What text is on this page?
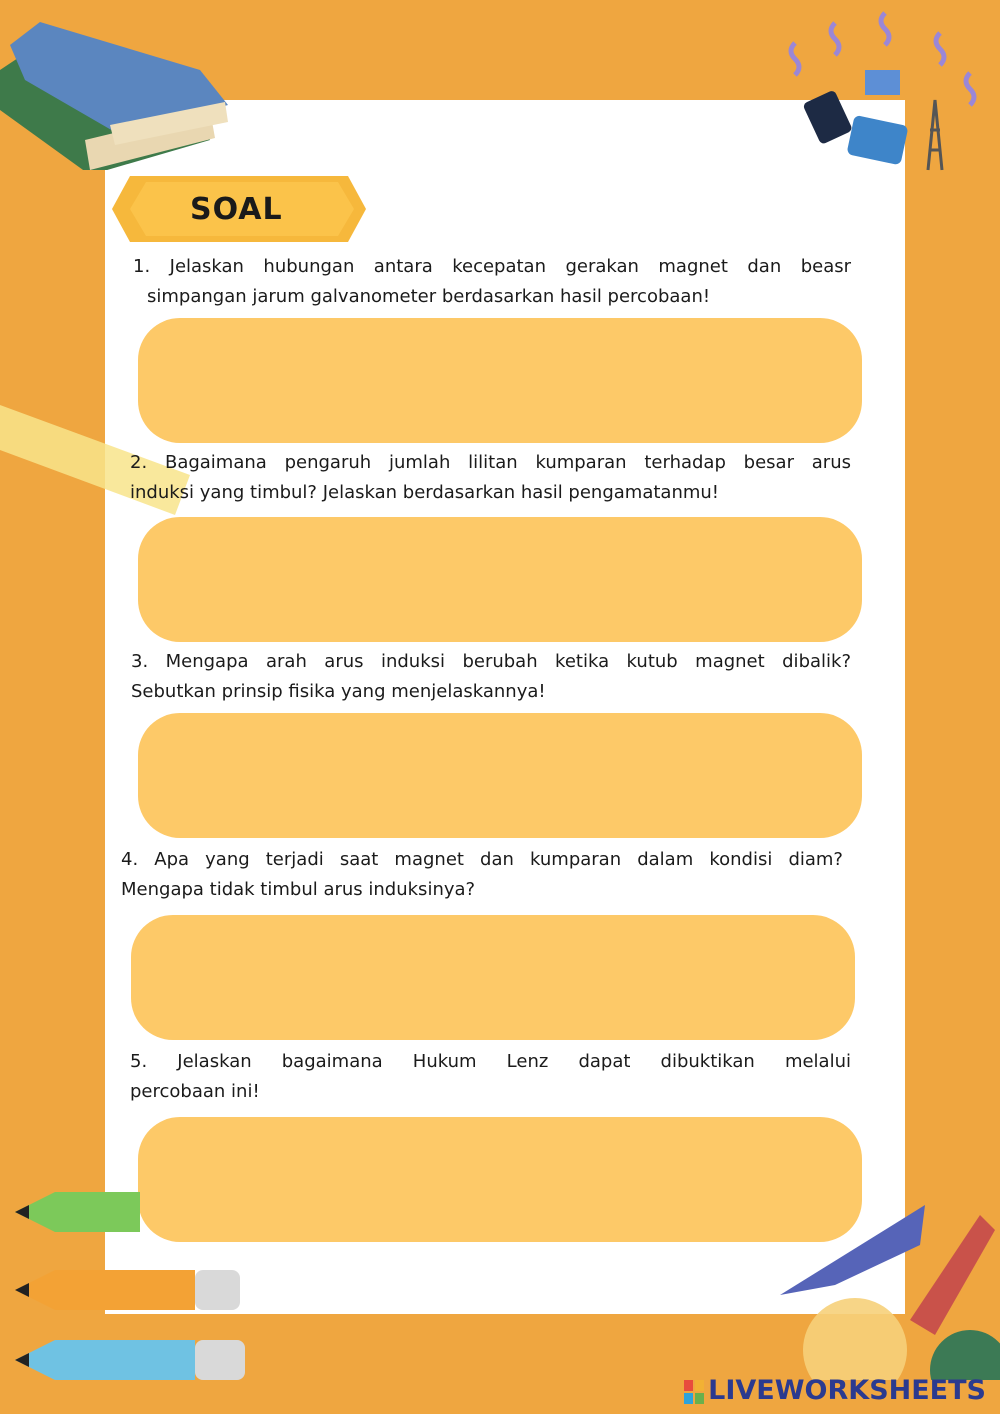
SOAL
1. Jelaskan hubungan antara kecepatan gerakan magnet dan beasr
simpangan jarum galvanometer berdasarkan hasil percobaan!
2. Bagaimana pengaruh jumlah lilitan kumparan terhadap besar arus
induksi yang timbul? Jelaskan berdasarkan hasil pengamatanmu!
3. Mengapa arah arus induksi berubah ketika kutub magnet dibalik?
Sebutkan prinsip fisika yang menjelaskannya!
4. Apa yang terjadi saat magnet dan kumparan dalam kondisi diam?
Mengapa tidak timbul arus induksinya?
5. Jelaskan bagaimana Hukum Lenz dapat dibuktikan melalui
percobaan ini!
LIVEWORKSHEETS
